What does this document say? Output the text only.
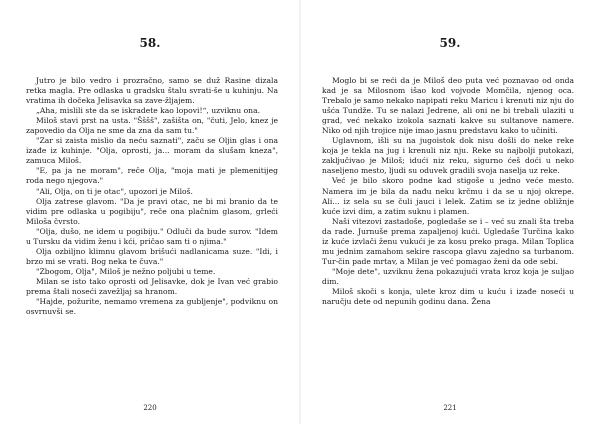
58.

Jutro je bilo vedro i prozračno, samo se duž Rasine dizala retka magla. Pre odlaska u gradsku štalu svrati-še u kuhinju. Na vratima ih dočeka Jelisavka sa zave-žljajem.

„Aha, mislili ste da se iskradete kao lopovi!“, uzviknu ona.

Miloš stavi prst na usta. "Šššš", zašišta on, "čuti, Jelo, knez je zapovedio da Olja ne sme da zna da sam tu."

"Zar si zaista mislio da neću saznati", začu se Oljin glas i ona izađe iz kuhinje. "Olja, oprosti, ja... moram da slušam kneza", zamuca Miloš.

"E, pa ja ne moram", reče Olja, "moja mati je plemenitijeg roda nego njegova."

"Ali, Olja, on ti je otac", upozori je Miloš.

Olja zatrese glavom. "Da je pravi otac, ne bi mi branio da te vidim pre odlaska u pogibiju", reče ona plačnim glasom, grleći Miloša čvrsto.

"Olja, dušo, ne idem u pogibiju." Odluči da bude surov. "Idem u Tursku da vidim ženu i kći, pričao sam ti o njima."

Olja ozbiljno klimnu glavom brišući nadlanicama suze. "Idi, i brzo mi se vrati. Bog neka te čuva."

"Zbogom, Olja", Miloš je nežno poljubi u teme.

Milan se isto tako oprosti od Jelisavke, dok je Ivan već grabio prema štali noseći zavežljaj sa hranom.

"Hajde, požurite, nemamo vremena za gubljenje", podviknu on osvrnuvši se.

220
59.

Moglo bi se reći da je Miloš deo puta već poznavao od onda kad je sa Milosnom išao kod vojvode Momčila, njenog oca. Trebalo je samo nekako napipati reku Maricu i krenuti niz nju do ušća Tundže. Tu se nalazi Jedrene, ali oni ne bi trebali ulaziti u grad, već nekako izokola saznati kakve su sultanove namere. Niko od njih trojice nije imao jasnu predstavu kako to učiniti.

Uglavnom, išli su na jugoistok dok nisu došli do neke reke koja je tekla na jug i krenuli niz nju. Reke su najbolji putokazi, zaključivao je Miloš; idući niz reku, sigurno ćeš doći u neko naseljeno mesto, ljudi su oduvek gradili svoja naselja uz reke.

Već je bilo skoro podne kad stigoše u jedno veće mesto. Namera im je bila da nađu neku krčmu i da se u njoj okrepe. Ali... iz sela su se čuli jauci i lelek. Zatim se iz jedne obližnje kuće izvi dim, a zatim suknu i plamen.

Naši vitezovi zastadoše, pogledaše se i – već su znali šta treba da rade. Jurnuše prema zapaljenoj kući. Ugledaše Turčina kako iz kuće izvlači ženu vukući je za kosu preko praga. Milan Toplica mu jednim zamahom sekire rascopa glavu zajedno sa turbanom. Tur-čin pade mrtav, a Milan je već pomagao ženi da ode sebi.

"Moje dete", uzviknu žena pokazujući vrata kroz koja je suljao dim.

Miloš skoči s konja, ulete kroz dim u kuću i izađe noseći u naručju dete od nepunih godinu dana. Žena

221
